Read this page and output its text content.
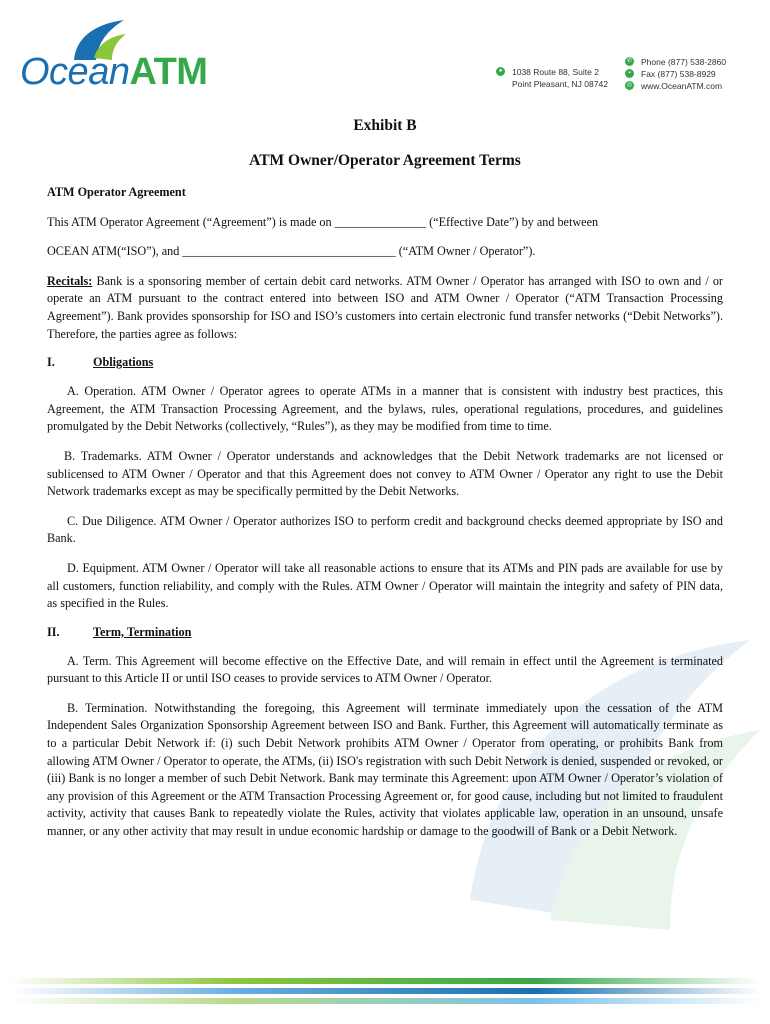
OceanATM	●	1038 Route 88, Suite 2
Point Pleasant, NJ 08742
✆ Phone (877) 538-2860
▪	Fax (877) 538-8929
◎ www.OceanATM.com
Exhibit B
ATM Owner/Operator Agreement Terms

ATM Operator Agreement

This ATM Operator Agreement (“Agreement”) is made on _______________ (“Effective Date”) by and between

OCEAN ATM(“ISO”), and ___________________________________ (“ATM Owner / Operator”).

Recitals: Bank is a sponsoring member of certain debit card networks. ATM Owner / Operator has arranged with ISO to own and / or operate an ATM pursuant to the contract entered into between ISO and ATM Owner / Operator (“ATM Transaction Processing Agreement”). Bank provides sponsorship for ISO and ISO’s customers into certain electronic fund transfer networks (“Debit Networks”). Therefore, the parties agree as follows:

I.	Obligations

A. Operation. ATM Owner / Operator agrees to operate ATMs in a manner that is consistent with industry best practices, this Agreement, the ATM Transaction Processing Agreement, and the bylaws, rules, operational regulations, procedures, and guidelines promulgated by the Debit Networks (collectively, “Rules”), as they may be modified from time to time.

B. Trademarks. ATM Owner / Operator understands and acknowledges that the Debit Network trademarks are not licensed or sublicensed to ATM Owner / Operator and that this Agreement does not convey to ATM Owner / Operator any right to use the Debit Network trademarks except as may be specifically permitted by the Debit Networks.

C. Due Diligence. ATM Owner / Operator authorizes ISO to perform credit and background checks deemed appropriate by ISO and Bank.

D. Equipment. ATM Owner / Operator will take all reasonable actions to ensure that its ATMs and PIN pads are available for use by all customers, function reliability, and comply with the Rules. ATM Owner / Operator will maintain the integrity and safety of PIN data, as specified in the Rules.

II.	Term, Termination

A. Term. This Agreement will become effective on the Effective Date, and will remain in effect until the Agreement is terminated pursuant to this Article II or until ISO ceases to provide services to ATM Owner / Operator.

B. Termination. Notwithstanding the foregoing, this Agreement will terminate immediately upon the cessation of the ATM Independent Sales Organization Sponsorship Agreement between ISO and Bank. Further, this Agreement will automatically terminate as to a particular Debit Network if: (i) such Debit Network prohibits ATM Owner / Operator from operating, or prohibits Bank from allowing ATM Owner / Operator to operate, the ATMs, (ii) ISO's registration with such Debit Network is denied, suspended or revoked, or (iii) Bank is no longer a member of such Debit Network. Bank may terminate this Agreement: upon ATM Owner / Operator’s violation of any provision of this Agreement or the ATM Transaction Processing Agreement or, for good cause, including but not limited to fraudulent activity, activity that causes Bank to repeatedly violate the Rules, activity that violates applicable law, operation in an unsound, unsafe manner, or any other activity that may result in undue economic hardship or damage to the goodwill of Bank or a Debit Network.
